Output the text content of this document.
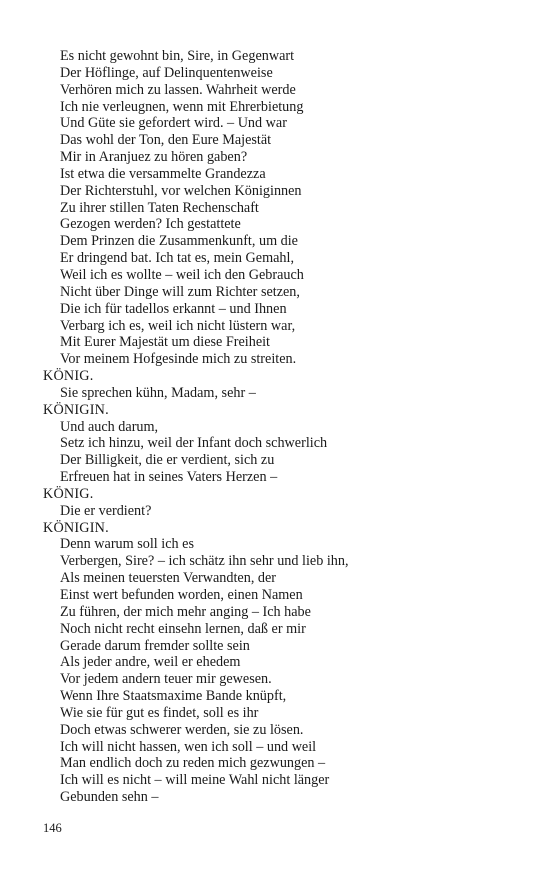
Es nicht gewohnt bin, Sire, in Gegenwart
Der Höflinge, auf Delinquentenweise
Verhören mich zu lassen. Wahrheit werde
Ich nie verleugnen, wenn mit Ehrerbietung
Und Güte sie gefordert wird. – Und war
Das wohl der Ton, den Eure Majestät
Mir in Aranjuez zu hören gaben?
Ist etwa die versammelte Grandezza
Der Richterstuhl, vor welchen Königinnen
Zu ihrer stillen Taten Rechenschaft
Gezogen werden? Ich gestattete
Dem Prinzen die Zusammenkunft, um die
Er dringend bat. Ich tat es, mein Gemahl,
Weil ich es wollte – weil ich den Gebrauch
Nicht über Dinge will zum Richter setzen,
Die ich für tadellos erkannt – und Ihnen
Verbarg ich es, weil ich nicht lüstern war,
Mit Eurer Majestät um diese Freiheit
Vor meinem Hofgesinde mich zu streiten.
KÖNIG.
Sie sprechen kühn, Madam, sehr –
KÖNIGIN.
Und auch darum,
Setz ich hinzu, weil der Infant doch schwerlich
Der Billigkeit, die er verdient, sich zu
Erfreuen hat in seines Vaters Herzen –
KÖNIG.
Die er verdient?
KÖNIGIN.
Denn warum soll ich es
Verbergen, Sire? – ich schätz ihn sehr und lieb ihn,
Als meinen teuersten Verwandten, der
Einst wert befunden worden, einen Namen
Zu führen, der mich mehr anging – Ich habe
Noch nicht recht einsehn lernen, daß er mir
Gerade darum fremder sollte sein
Als jeder andre, weil er ehedem
Vor jedem andern teuer mir gewesen.
Wenn Ihre Staatsmaxime Bande knüpft,
Wie sie für gut es findet, soll es ihr
Doch etwas schwerer werden, sie zu lösen.
Ich will nicht hassen, wen ich soll – und weil
Man endlich doch zu reden mich gezwungen –
Ich will es nicht – will meine Wahl nicht länger
Gebunden sehn –
146
